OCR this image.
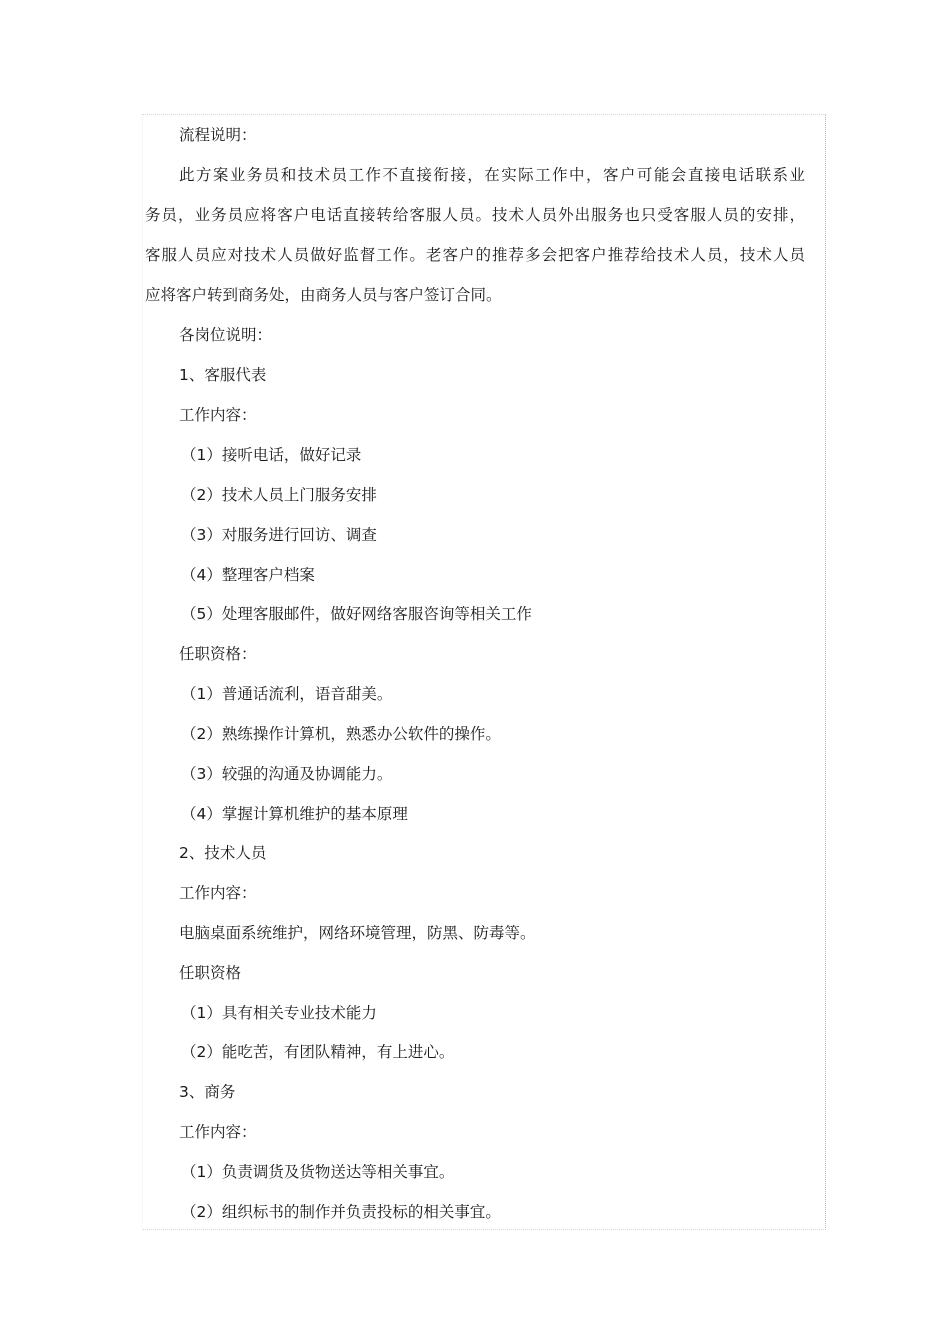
流程说明：
此方案业务员和技术员工作不直接衔接，在实际工作中，客户可能会直接电话联系业
务员，业务员应将客户电话直接转给客服人员。技术人员外出服务也只受客服人员的安排，
客服人员应对技术人员做好监督工作。老客户的推荐多会把客户推荐给技术人员，技术人员
应将客户转到商务处，由商务人员与客户签订合同。
各岗位说明：
1、客服代表
工作内容：
（1）接听电话，做好记录
（2）技术人员上门服务安排
（3）对服务进行回访、调查
（4）整理客户档案
（5）处理客服邮件，做好网络客服咨询等相关工作
任职资格：
（1）普通话流利，语音甜美。
（2）熟练操作计算机，熟悉办公软件的操作。
（3）较强的沟通及协调能力。
（4）掌握计算机维护的基本原理
2、技术人员
工作内容：
电脑桌面系统维护，网络环境管理，防黑、防毒等。
任职资格
（1）具有相关专业技术能力
（2）能吃苦，有团队精神，有上进心。
3、商务
工作内容：
（1）负责调货及货物送达等相关事宜。
（2）组织标书的制作并负责投标的相关事宜。
